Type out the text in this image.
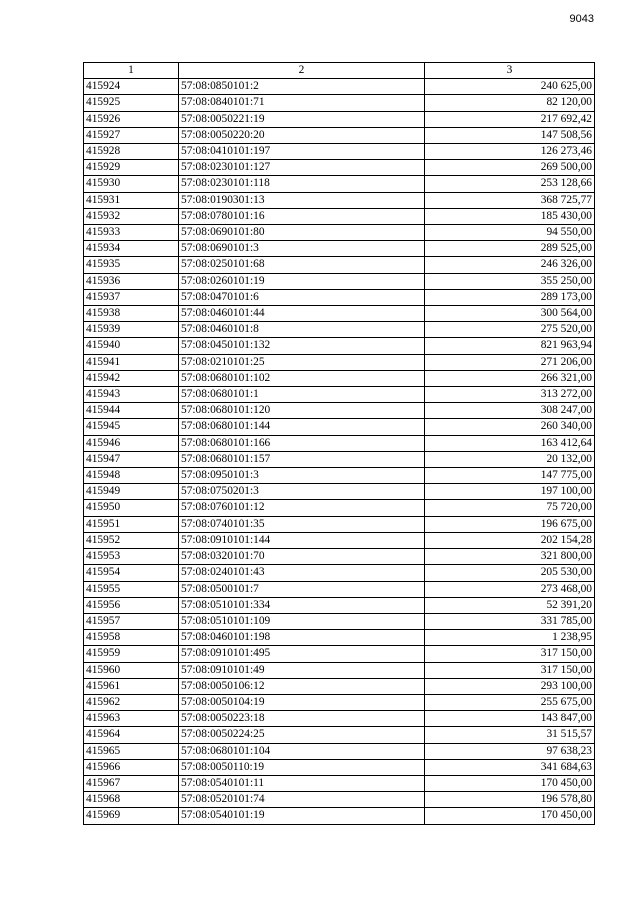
9043
1	2	3
415924	57:08:0850101:2	240 625,00
415925	57:08:0840101:71	82 120,00
415926	57:08:0050221:19	217 692,42
415927	57:08:0050220:20	147 508,56
415928	57:08:0410101:197	126 273,46
415929	57:08:0230101:127	269 500,00
415930	57:08:0230101:118	253 128,66
415931	57:08:0190301:13	368 725,77
415932	57:08:0780101:16	185 430,00
415933	57:08:0690101:80	94 550,00
415934	57:08:0690101:3	289 525,00
415935	57:08:0250101:68	246 326,00
415936	57:08:0260101:19	355 250,00
415937	57:08:0470101:6	289 173,00
415938	57:08:0460101:44	300 564,00
415939	57:08:0460101:8	275 520,00
415940	57:08:0450101:132	821 963,94
415941	57:08:0210101:25	271 206,00
415942	57:08:0680101:102	266 321,00
415943	57:08:0680101:1	313 272,00
415944	57:08:0680101:120	308 247,00
415945	57:08:0680101:144	260 340,00
415946	57:08:0680101:166	163 412,64
415947	57:08:0680101:157	20 132,00
415948	57:08:0950101:3	147 775,00
415949	57:08:0750201:3	197 100,00
415950	57:08:0760101:12	75 720,00
415951	57:08:0740101:35	196 675,00
415952	57:08:0910101:144	202 154,28
415953	57:08:0320101:70	321 800,00
415954	57:08:0240101:43	205 530,00
415955	57:08:0500101:7	273 468,00
415956	57:08:0510101:334	52 391,20
415957	57:08:0510101:109	331 785,00
415958	57:08:0460101:198	1 238,95
415959	57:08:0910101:495	317 150,00
415960	57:08:0910101:49	317 150,00
415961	57:08:0050106:12	293 100,00
415962	57:08:0050104:19	255 675,00
415963	57:08:0050223:18	143 847,00
415964	57:08:0050224:25	31 515,57
415965	57:08:0680101:104	97 638,23
415966	57:08:0050110:19	341 684,63
415967	57:08:0540101:11	170 450,00
415968	57:08:0520101:74	196 578,80
415969	57:08:0540101:19	170 450,00
